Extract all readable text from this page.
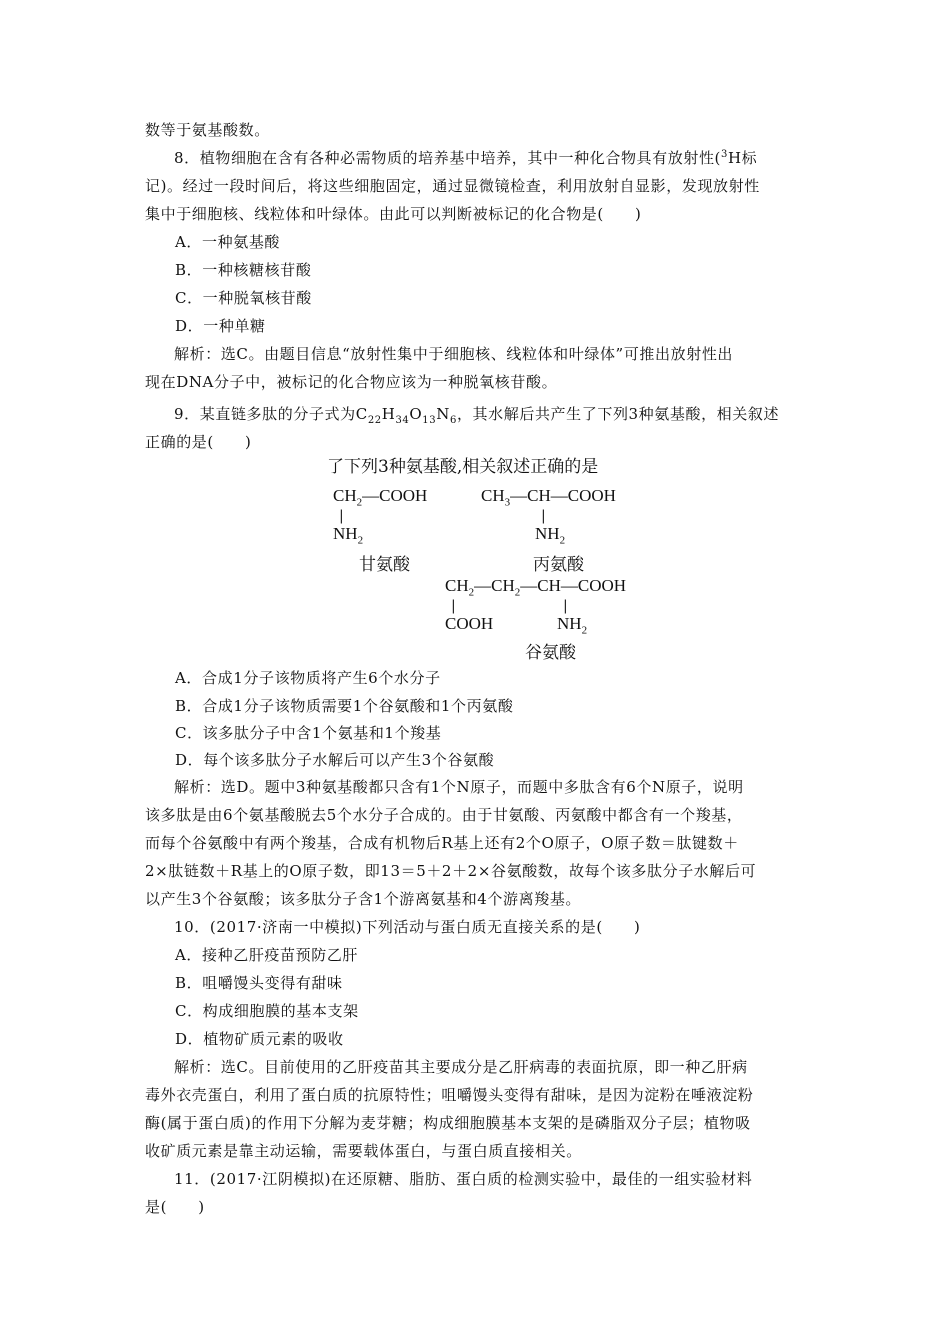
数等于氨基酸数。
8．植物细胞在含有各种必需物质的培养基中培养，其中一种化合物具有放射性($^3$H标
记)。经过一段时间后，将这些细胞固定，通过显微镜检查，利用放射自显影，发现放射性
集中于细胞核、线粒体和叶绿体。由此可以判断被标记的化合物是(　　)
A．一种氨基酸
B．一种核糖核苷酸
C．一种脱氧核苷酸
D．一种单糖
解析：选C。由题目信息“放射性集中于细胞核、线粒体和叶绿体”可推出放射性出
现在DNA分子中，被标记的化合物应该为一种脱氧核苷酸。
9．某直链多肽的分子式为$C_{22}H_{34}O_{13}N_6$，其水解后共产生了下列3种氨基酸，相关叙述
正确的是(　　)
了下列3种氨基酸,相关叙述正确的是
$CH_2—COOH$
|
$NH_2$
甘氨酸
$CH_3—CH—COOH$
|
$NH_2$
丙氨酸
$CH_2—CH_2—CH—COOH$
|	|
COOH	$NH_2$
谷氨酸
A．合成1分子该物质将产生6个水分子
B．合成1分子该物质需要1个谷氨酸和1个丙氨酸
C．该多肽分子中含1个氨基和1个羧基
D．每个该多肽分子水解后可以产生3个谷氨酸
解析：选D。题中3种氨基酸都只含有1个N原子，而题中多肽含有6个N原子，说明
该多肽是由6个氨基酸脱去5个水分子合成的。由于甘氨酸、丙氨酸中都含有一个羧基，
而每个谷氨酸中有两个羧基，合成有机物后R基上还有2个O原子，O原子数＝肽键数＋
2×肽链数＋R基上的O原子数，即13＝5＋2＋2×谷氨酸数，故每个该多肽分子水解后可
以产生3个谷氨酸；该多肽分子含1个游离氨基和4个游离羧基。
10．(2017·济南一中模拟)下列活动与蛋白质无直接关系的是(　　)
A．接种乙肝疫苗预防乙肝
B．咀嚼馒头变得有甜味
C．构成细胞膜的基本支架
D．植物矿质元素的吸收
解析：选C。目前使用的乙肝疫苗其主要成分是乙肝病毒的表面抗原，即一种乙肝病
毒外衣壳蛋白，利用了蛋白质的抗原特性；咀嚼馒头变得有甜味，是因为淀粉在唾液淀粉
酶(属于蛋白质)的作用下分解为麦芽糖；构成细胞膜基本支架的是磷脂双分子层；植物吸
收矿质元素是靠主动运输，需要载体蛋白，与蛋白质直接相关。
11．(2017·江阴模拟)在还原糖、脂肪、蛋白质的检测实验中，最佳的一组实验材料
是(　　)
